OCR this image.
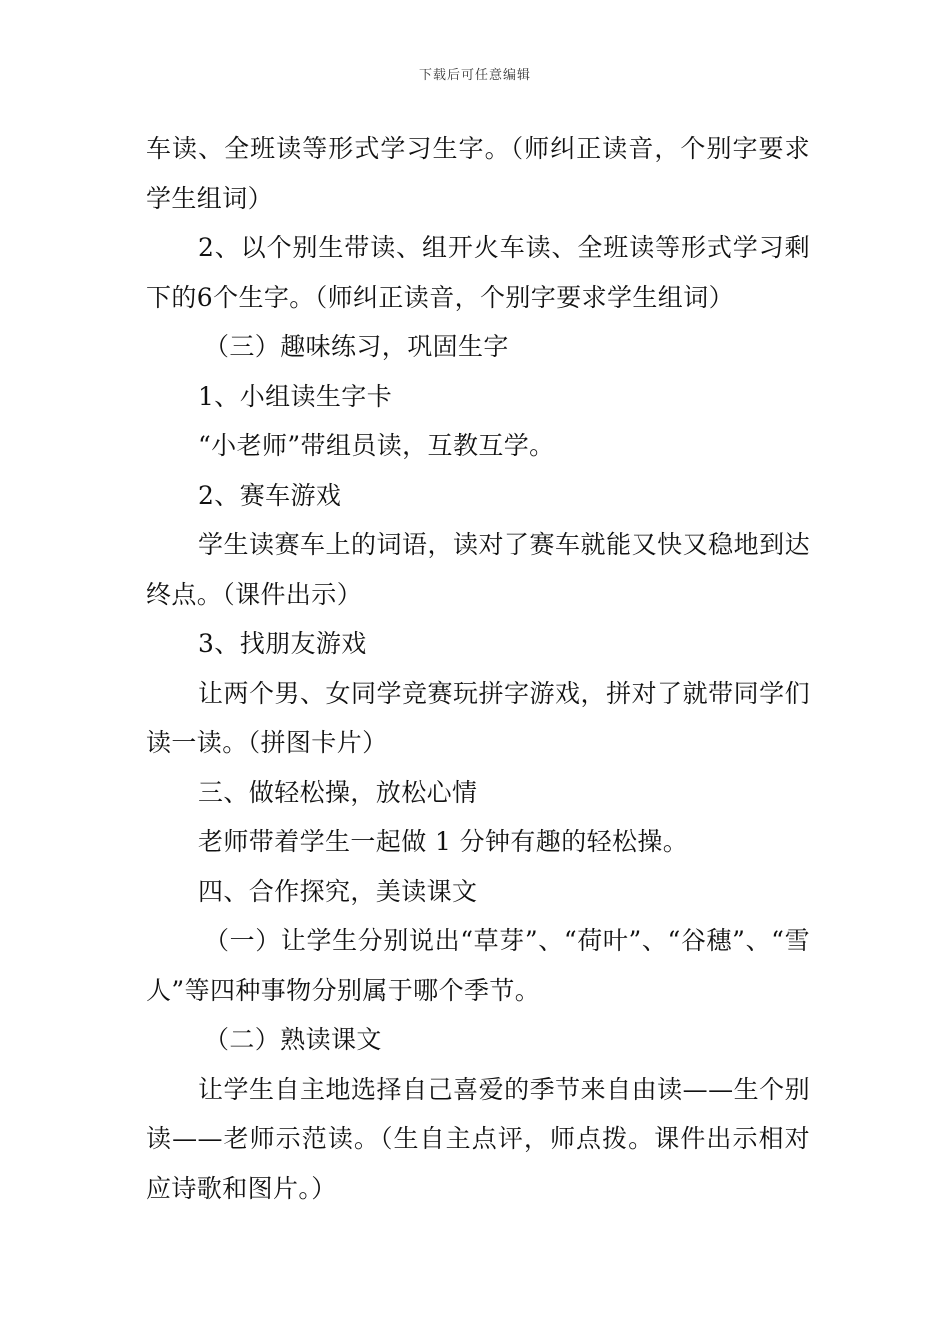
下载后可任意编辑

车读、全班读等形式学习生字。（师纠正读音，个别字要求学生组词）

2、以个别生带读、组开火车读、全班读等形式学习剩下的6个生字。（师纠正读音，个别字要求学生组词）

（三）趣味练习，巩固生字

1、小组读生字卡

“小老师”带组员读，互教互学。

2、赛车游戏

学生读赛车上的词语，读对了赛车就能又快又稳地到达终点。（课件出示）

3、找朋友游戏

让两个男、女同学竞赛玩拼字游戏，拼对了就带同学们读一读。（拼图卡片）

三、做轻松操，放松心情

老师带着学生一起做 1 分钟有趣的轻松操。

四、合作探究，美读课文

（一）让学生分别说出“草芽”、“荷叶”、“谷穗”、“雪人”等四种事物分别属于哪个季节。

（二）熟读课文

让学生自主地选择自己喜爱的季节来自由读——生个别读——老师示范读。（生自主点评，师点拨。课件出示相对应诗歌和图片。）
